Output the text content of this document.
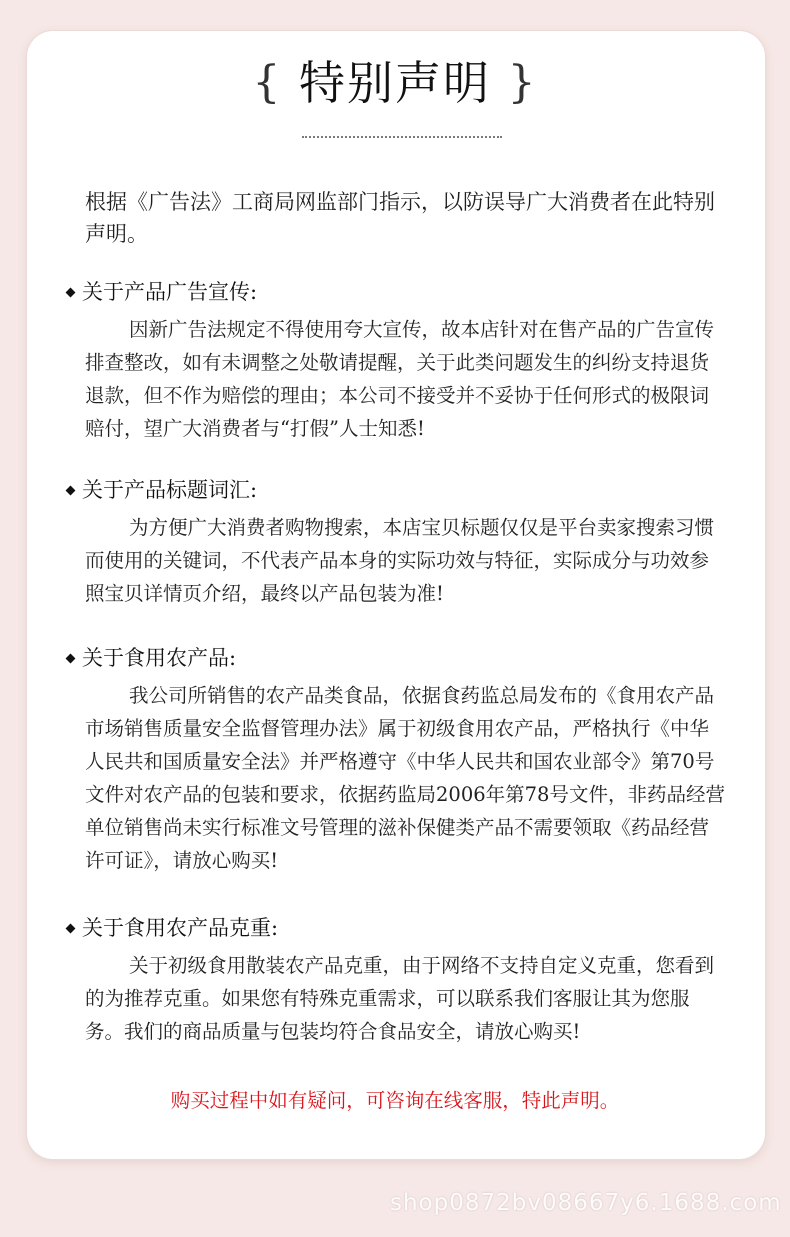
{ 特别声明 }
根据《广告法》工商局网监部门指示，以防误导广大消费者在此特别声明。
关于产品广告宣传:
因新广告法规定不得使用夸大宣传，故本店针对在售产品的广告宣传排查整改，如有未调整之处敬请提醒，关于此类问题发生的纠纷支持退货退款，但不作为赔偿的理由；本公司不接受并不妥协于任何形式的极限词赔付，望广大消费者与“打假”人士知悉!
关于产品标题词汇:
为方便广大消费者购物搜索，本店宝贝标题仅仅是平台卖家搜索习惯而使用的关键词，不代表产品本身的实际功效与特征，实际成分与功效参照宝贝详情页介绍，最终以产品包装为准!
关于食用农产品:
我公司所销售的农产品类食品，依据食药监总局发布的《食用农产品市场销售质量安全监督管理办法》属于初级食用农产品，严格执行《中华人民共和国质量安全法》并严格遵守《中华人民共和国农业部令》第70号文件对农产品的包装和要求，依据药监局2006年第78号文件，非药品经营单位销售尚未实行标准文号管理的滋补保健类产品不需要领取《药品经营许可证》，请放心购买!
关于食用农产品克重:
关于初级食用散装农产品克重，由于网络不支持自定义克重，您看到的为推荐克重。如果您有特殊克重需求，可以联系我们客服让其为您服务。我们的商品质量与包装均符合食品安全，请放心购买!
购买过程中如有疑问，可咨询在线客服，特此声明。
shop0872bv08667y6.1688.com
